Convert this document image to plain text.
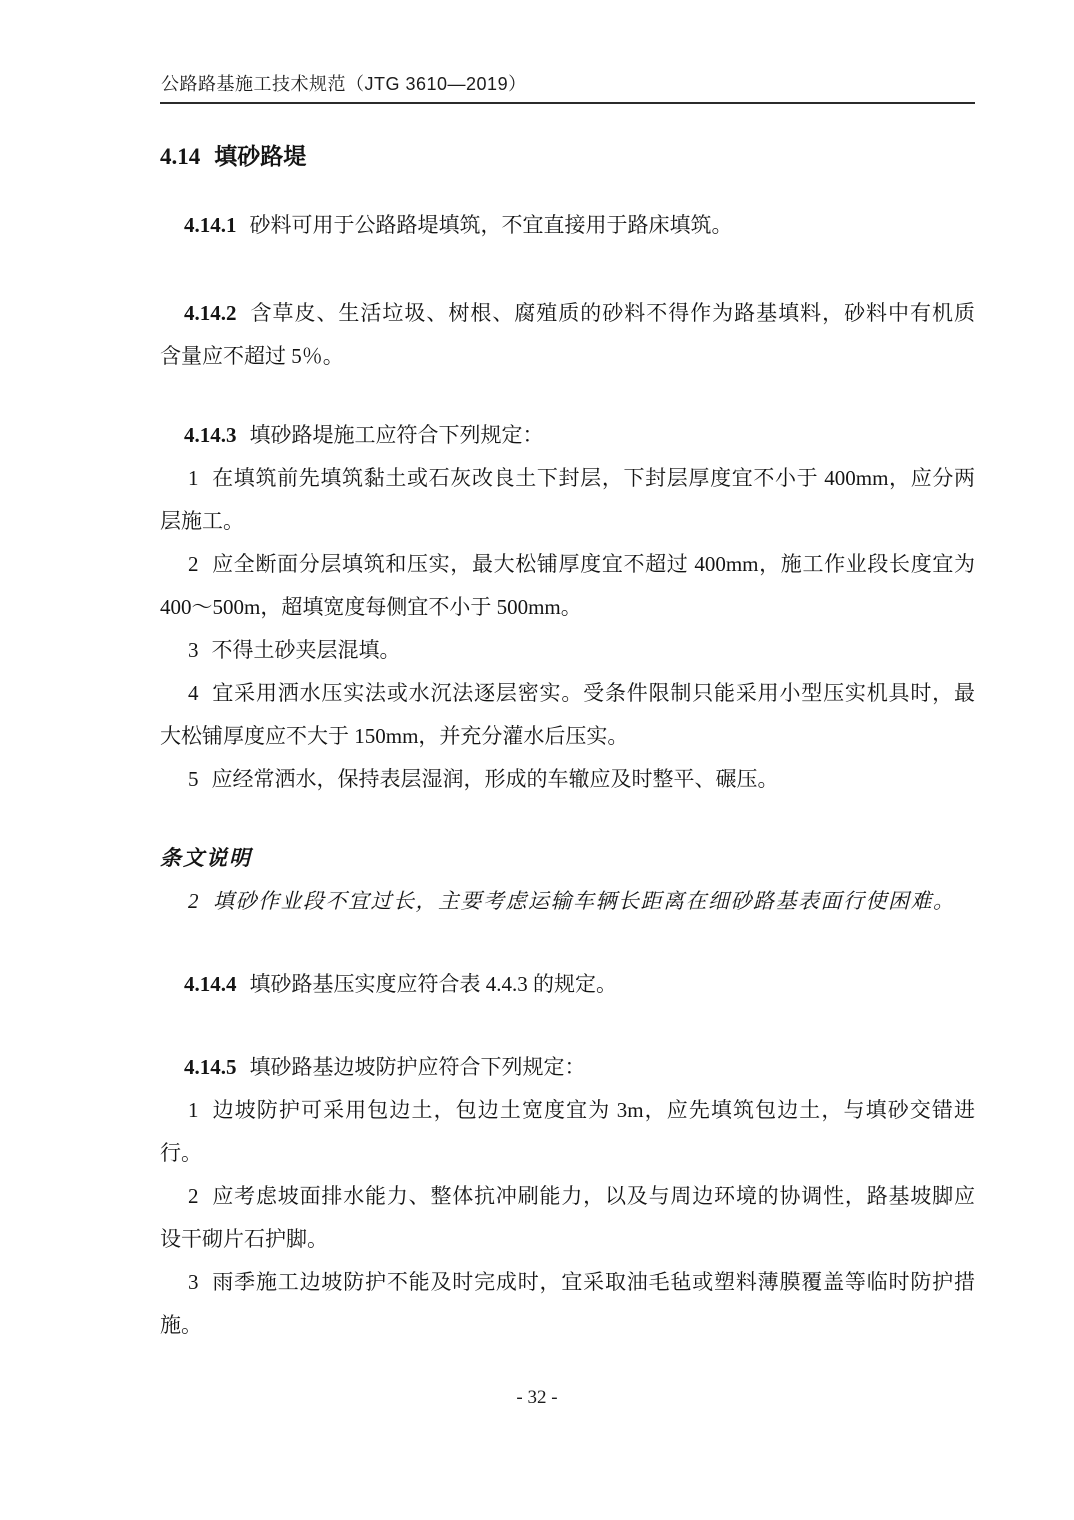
公路路基施工技术规范（JTG 3610—2019）
4.14 填砂路堤
4.14.1 砂料可用于公路路堤填筑，不宜直接用于路床填筑。
4.14.2 含草皮、生活垃圾、树根、腐殖质的砂料不得作为路基填料，砂料中有机质
含量应不超过 5％。
4.14.3 填砂路堤施工应符合下列规定：
1 在填筑前先填筑黏土或石灰改良土下封层，下封层厚度宜不小于 400mm，应分两
层施工。
2 应全断面分层填筑和压实，最大松铺厚度宜不超过 400mm，施工作业段长度宜为
400～500m，超填宽度每侧宜不小于 500mm。
3 不得土砂夹层混填。
4 宜采用洒水压实法或水沉法逐层密实。受条件限制只能采用小型压实机具时，最
大松铺厚度应不大于 150mm，并充分灌水后压实。
5 应经常洒水，保持表层湿润，形成的车辙应及时整平、碾压。
条文说明
2 填砂作业段不宜过长，主要考虑运输车辆长距离在细砂路基表面行使困难。
4.14.4 填砂路基压实度应符合表 4.4.3 的规定。
4.14.5 填砂路基边坡防护应符合下列规定：
1 边坡防护可采用包边土，包边土宽度宜为 3m，应先填筑包边土，与填砂交错进
行。
2 应考虑坡面排水能力、整体抗冲刷能力，以及与周边环境的协调性，路基坡脚应
设干砌片石护脚。
3 雨季施工边坡防护不能及时完成时，宜采取油毛毡或塑料薄膜覆盖等临时防护措
施。
- 32 -
